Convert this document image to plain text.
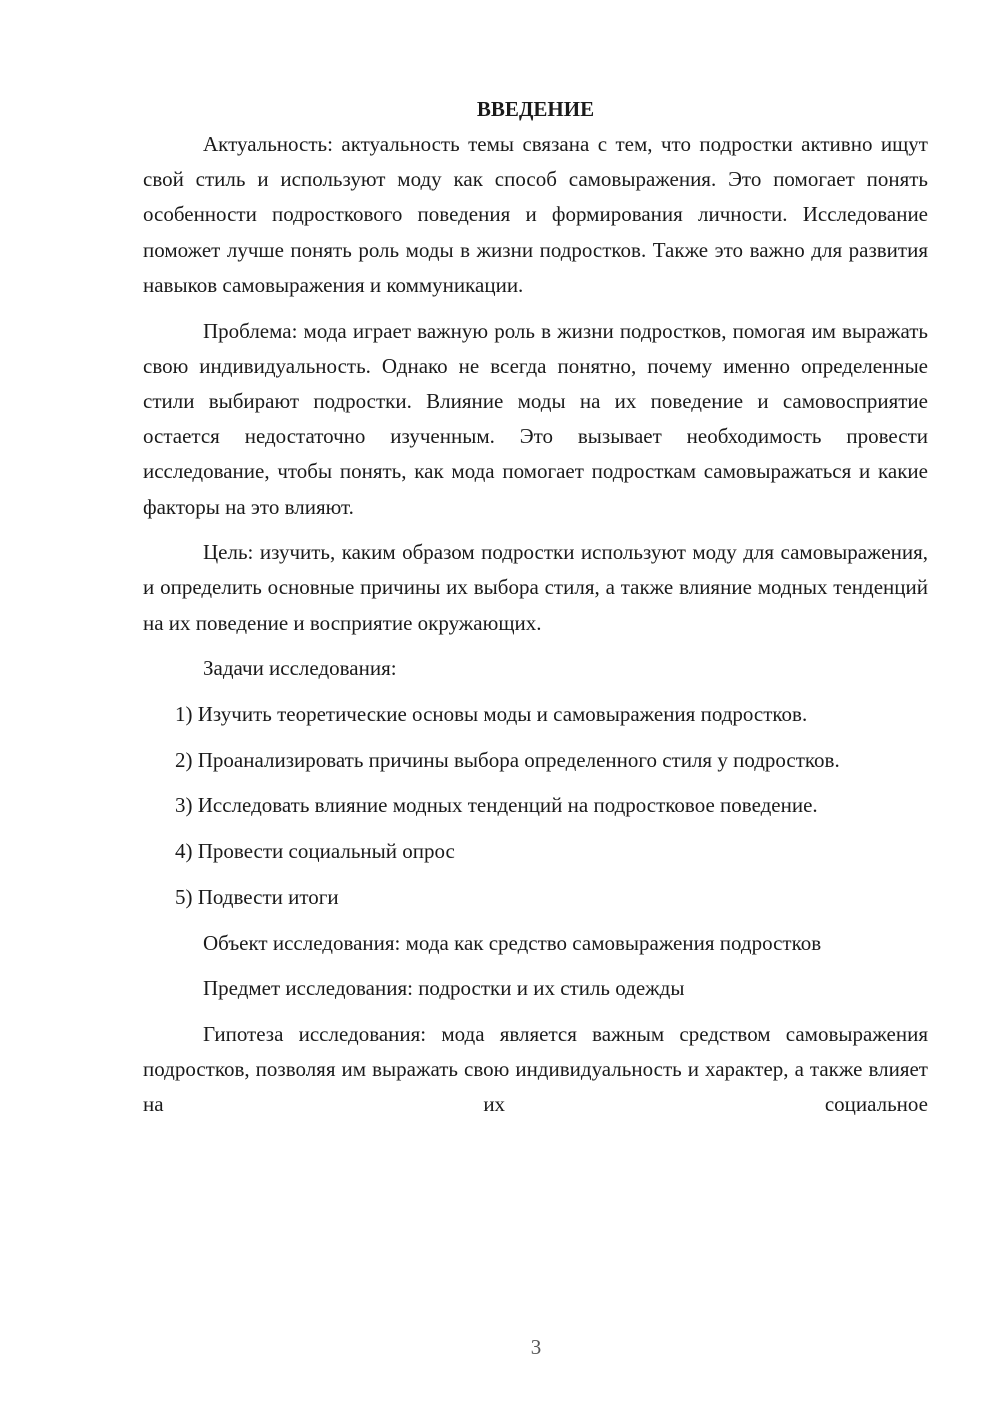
ВВЕДЕНИЕ

Актуальность: актуальность темы связана с тем, что подростки активно ищут свой стиль и используют моду как способ самовыражения. Это помогает понять особенности подросткового поведения и формирования личности. Исследование поможет лучше понять роль моды в жизни подростков. Также это важно для развития навыков самовыражения и коммуникации.

Проблема: мода играет важную роль в жизни подростков, помогая им выражать свою индивидуальность. Однако не всегда понятно, почему именно определенные стили выбирают подростки. Влияние моды на их поведение и самовосприятие остается недостаточно изученным. Это вызывает необходимость провести исследование, чтобы понять, как мода помогает подросткам самовыражаться и какие факторы на это влияют.

Цель: изучить, каким образом подростки используют моду для самовыражения, и определить основные причины их выбора стиля, а также влияние модных тенденций на их поведение и восприятие окружающих.

Задачи исследования:

1) Изучить теоретические основы моды и самовыражения подростков.

2) Проанализировать причины выбора определенного стиля у подростков.

3) Исследовать влияние модных тенденций на подростковое поведение.

4) Провести социальный опрос

5) Подвести итоги

Объект исследования: мода как средство самовыражения подростков

Предмет исследования: подростки и их стиль одежды

Гипотеза исследования: мода является важным средством самовыражения подростков, позволяя им выражать свою индивидуальность и характер, а также влияет на их социальное

3
